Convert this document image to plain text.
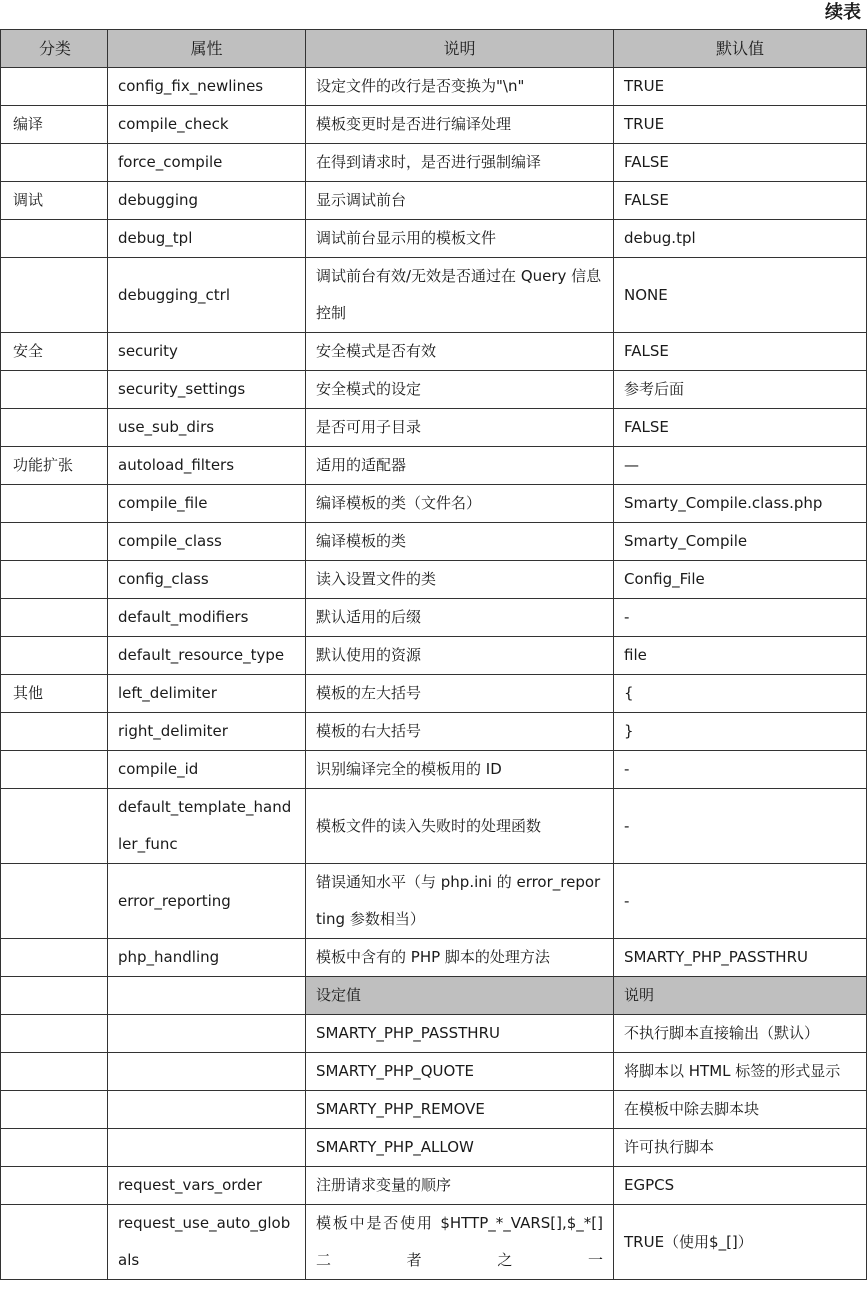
续表
分类	属性	说明	默认值
	config_fix_newlines	设定文件的改行是否变换为"\n"	TRUE
编译	compile_check	模板变更时是否进行编译处理	TRUE
	force_compile	在得到请求时，是否进行强制编译	FALSE
调试	debugging	显示调试前台	FALSE
	debug_tpl	调试前台显示用的模板文件	debug.tpl
	debugging_ctrl	调试前台有效/无效是否通过在 Query 信息控制	NONE
安全	security	安全模式是否有效	FALSE
	security_settings	安全模式的设定	参考后面
	use_sub_dirs	是否可用子目录	FALSE
功能扩张	autoload_filters	适用的适配器	—
	compile_file	编译模板的类（文件名）	Smarty_Compile.class.php
	compile_class	编译模板的类	Smarty_Compile
	config_class	读入设置文件的类	Config_File
	default_modifiers	默认适用的后缀	-
	default_resource_type	默认使用的资源	file
其他	left_delimiter	模板的左大括号	{
	right_delimiter	模板的右大括号	}
	compile_id	识别编译完全的模板用的 ID	-
	default_template_handler_func	模板文件的读入失败时的处理函数	-
	error_reporting	错误通知水平（与 php.ini 的 error_reporting 参数相当）	-
	php_handling	模板中含有的 PHP 脚本的处理方法	SMARTY_PHP_PASSTHRU
		设定值	说明
		SMARTY_PHP_PASSTHRU	不执行脚本直接输出（默认）
		SMARTY_PHP_QUOTE	将脚本以 HTML 标签的形式显示
		SMARTY_PHP_REMOVE	在模板中除去脚本块
		SMARTY_PHP_ALLOW	许可执行脚本
	request_vars_order	注册请求变量的顺序	EGPCS
	request_use_auto_globals	模板中是否使用 $HTTP_*_VARS[],$_*[]二者之一	TRUE（使用$_[]）
